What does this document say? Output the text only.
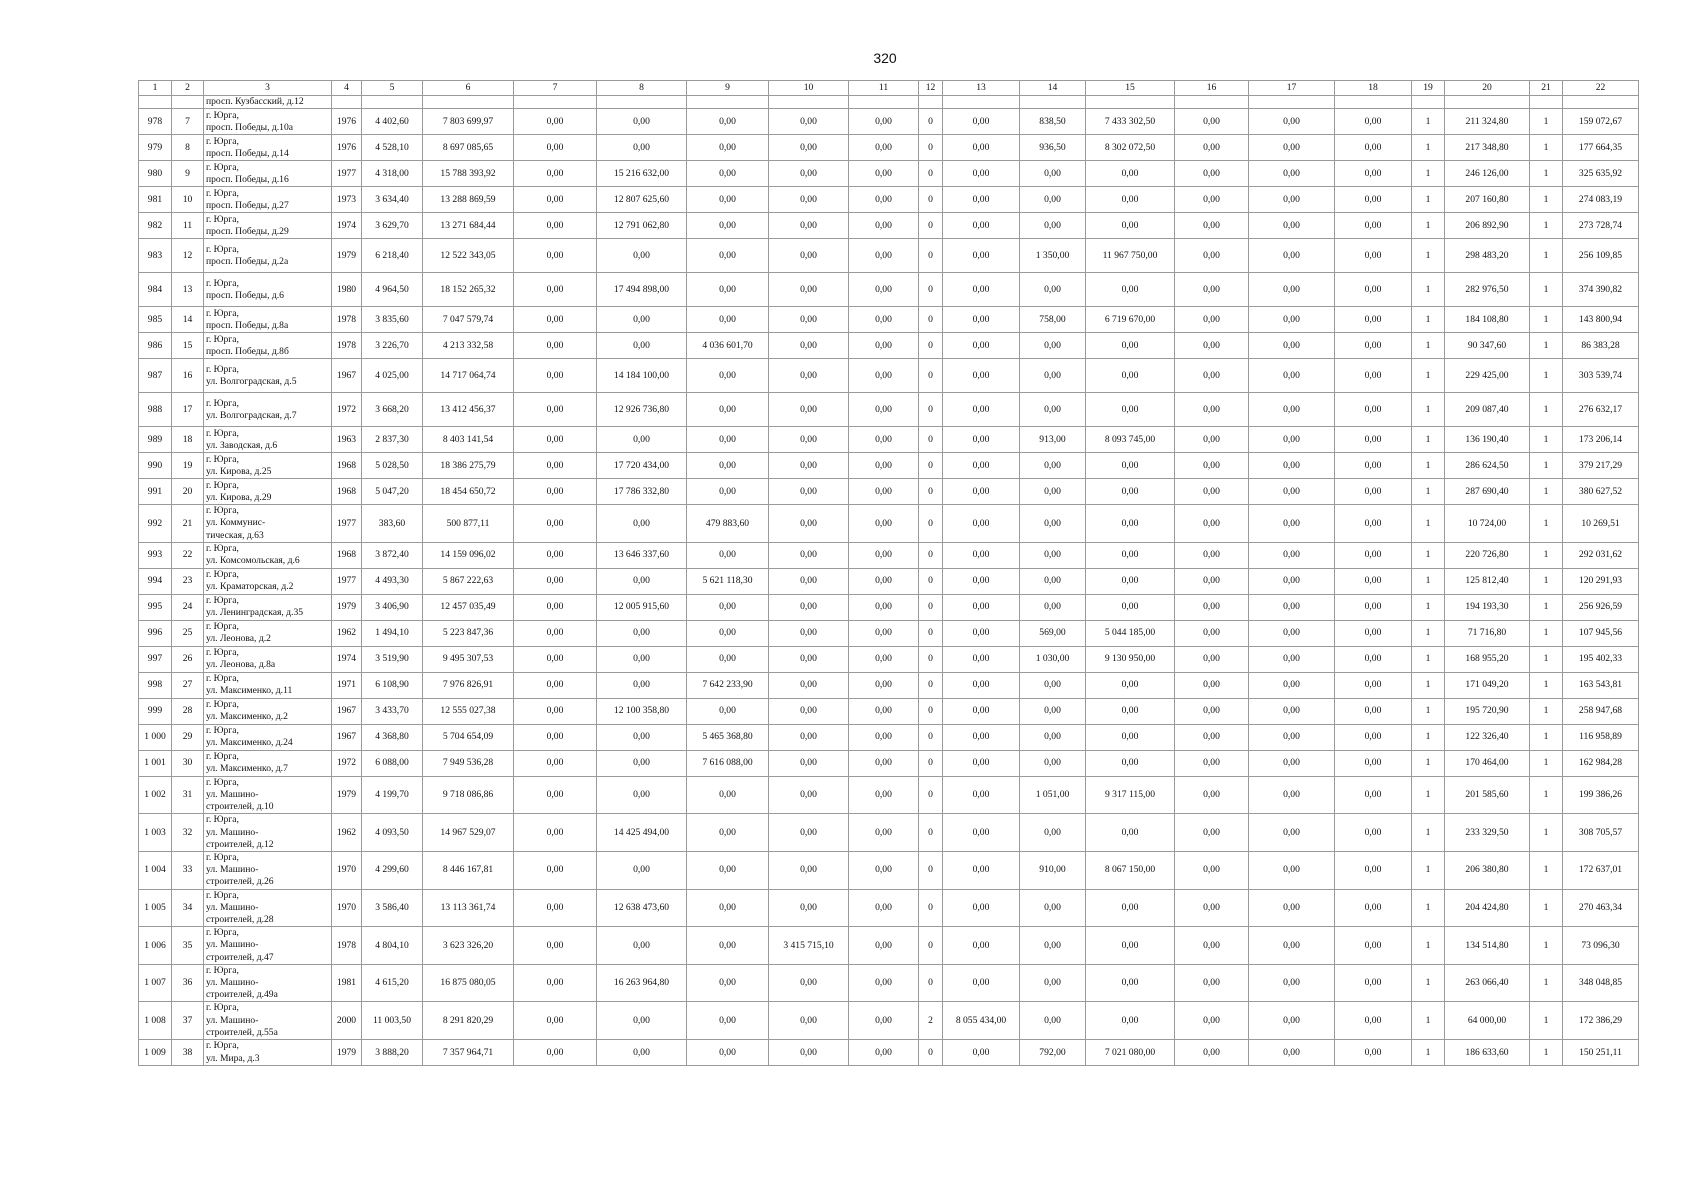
320
1	2	3	4	5	6	7	8	9	10	11	12	13	14	15	16	17	18	19	20	21	22
		просп. Кузбасский, д.12																			
978	7	г. Юрга,
просп. Победы, д.10а	1976	4 402,60	7 803 699,97	0,00	0,00	0,00	0,00	0,00	0	0,00	838,50	7 433 302,50	0,00	0,00	0,00	1	211 324,80	1	159 072,67
979	8	г. Юрга,
просп. Победы, д.14	1976	4 528,10	8 697 085,65	0,00	0,00	0,00	0,00	0,00	0	0,00	936,50	8 302 072,50	0,00	0,00	0,00	1	217 348,80	1	177 664,35
980	9	г. Юрга,
просп. Победы, д.16	1977	4 318,00	15 788 393,92	0,00	15 216 632,00	0,00	0,00	0,00	0	0,00	0,00	0,00	0,00	0,00	0,00	1	246 126,00	1	325 635,92
981	10	г. Юрга,
просп. Победы, д.27	1973	3 634,40	13 288 869,59	0,00	12 807 625,60	0,00	0,00	0,00	0	0,00	0,00	0,00	0,00	0,00	0,00	1	207 160,80	1	274 083,19
982	11	г. Юрга,
просп. Победы, д.29	1974	3 629,70	13 271 684,44	0,00	12 791 062,80	0,00	0,00	0,00	0	0,00	0,00	0,00	0,00	0,00	0,00	1	206 892,90	1	273 728,74
983	12	г. Юрга,
просп. Победы, д.2а	1979	6 218,40	12 522 343,05	0,00	0,00	0,00	0,00	0,00	0	0,00	1 350,00	11 967 750,00	0,00	0,00	0,00	1	298 483,20	1	256 109,85
984	13	г. Юрга,
просп. Победы, д.6	1980	4 964,50	18 152 265,32	0,00	17 494 898,00	0,00	0,00	0,00	0	0,00	0,00	0,00	0,00	0,00	0,00	1	282 976,50	1	374 390,82
985	14	г. Юрга,
просп. Победы, д.8а	1978	3 835,60	7 047 579,74	0,00	0,00	0,00	0,00	0,00	0	0,00	758,00	6 719 670,00	0,00	0,00	0,00	1	184 108,80	1	143 800,94
986	15	г. Юрга,
просп. Победы, д.8б	1978	3 226,70	4 213 332,58	0,00	0,00	4 036 601,70	0,00	0,00	0	0,00	0,00	0,00	0,00	0,00	0,00	1	90 347,60	1	86 383,28
987	16	г. Юрга,
ул. Волгоградская, д.5	1967	4 025,00	14 717 064,74	0,00	14 184 100,00	0,00	0,00	0,00	0	0,00	0,00	0,00	0,00	0,00	0,00	1	229 425,00	1	303 539,74
988	17	г. Юрга,
ул. Волгоградская, д.7	1972	3 668,20	13 412 456,37	0,00	12 926 736,80	0,00	0,00	0,00	0	0,00	0,00	0,00	0,00	0,00	0,00	1	209 087,40	1	276 632,17
989	18	г. Юрга,
ул. Заводская, д.6	1963	2 837,30	8 403 141,54	0,00	0,00	0,00	0,00	0,00	0	0,00	913,00	8 093 745,00	0,00	0,00	0,00	1	136 190,40	1	173 206,14
990	19	г. Юрга,
ул. Кирова, д.25	1968	5 028,50	18 386 275,79	0,00	17 720 434,00	0,00	0,00	0,00	0	0,00	0,00	0,00	0,00	0,00	0,00	1	286 624,50	1	379 217,29
991	20	г. Юрга,
ул. Кирова, д.29	1968	5 047,20	18 454 650,72	0,00	17 786 332,80	0,00	0,00	0,00	0	0,00	0,00	0,00	0,00	0,00	0,00	1	287 690,40	1	380 627,52
992	21	г. Юрга,
ул. Коммунис-
тическая, д.63	1977	383,60	500 877,11	0,00	0,00	479 883,60	0,00	0,00	0	0,00	0,00	0,00	0,00	0,00	0,00	1	10 724,00	1	10 269,51
993	22	г. Юрга,
ул. Комсомольская, д.6	1968	3 872,40	14 159 096,02	0,00	13 646 337,60	0,00	0,00	0,00	0	0,00	0,00	0,00	0,00	0,00	0,00	1	220 726,80	1	292 031,62
994	23	г. Юрга,
ул. Краматорская, д.2	1977	4 493,30	5 867 222,63	0,00	0,00	5 621 118,30	0,00	0,00	0	0,00	0,00	0,00	0,00	0,00	0,00	1	125 812,40	1	120 291,93
995	24	г. Юрга,
ул. Ленинградская, д.35	1979	3 406,90	12 457 035,49	0,00	12 005 915,60	0,00	0,00	0,00	0	0,00	0,00	0,00	0,00	0,00	0,00	1	194 193,30	1	256 926,59
996	25	г. Юрга,
ул. Леонова, д.2	1962	1 494,10	5 223 847,36	0,00	0,00	0,00	0,00	0,00	0	0,00	569,00	5 044 185,00	0,00	0,00	0,00	1	71 716,80	1	107 945,56
997	26	г. Юрга,
ул. Леонова, д.8а	1974	3 519,90	9 495 307,53	0,00	0,00	0,00	0,00	0,00	0	0,00	1 030,00	9 130 950,00	0,00	0,00	0,00	1	168 955,20	1	195 402,33
998	27	г. Юрга,
ул. Максименко, д.11	1971	6 108,90	7 976 826,91	0,00	0,00	7 642 233,90	0,00	0,00	0	0,00	0,00	0,00	0,00	0,00	0,00	1	171 049,20	1	163 543,81
999	28	г. Юрга,
ул. Максименко, д.2	1967	3 433,70	12 555 027,38	0,00	12 100 358,80	0,00	0,00	0,00	0	0,00	0,00	0,00	0,00	0,00	0,00	1	195 720,90	1	258 947,68
1 000	29	г. Юрга,
ул. Максименко, д.24	1967	4 368,80	5 704 654,09	0,00	0,00	5 465 368,80	0,00	0,00	0	0,00	0,00	0,00	0,00	0,00	0,00	1	122 326,40	1	116 958,89
1 001	30	г. Юрга,
ул. Максименко, д.7	1972	6 088,00	7 949 536,28	0,00	0,00	7 616 088,00	0,00	0,00	0	0,00	0,00	0,00	0,00	0,00	0,00	1	170 464,00	1	162 984,28
1 002	31	г. Юрга,
ул. Машино-
строителей, д.10	1979	4 199,70	9 718 086,86	0,00	0,00	0,00	0,00	0,00	0	0,00	1 051,00	9 317 115,00	0,00	0,00	0,00	1	201 585,60	1	199 386,26
1 003	32	г. Юрга,
ул. Машино-
строителей, д.12	1962	4 093,50	14 967 529,07	0,00	14 425 494,00	0,00	0,00	0,00	0	0,00	0,00	0,00	0,00	0,00	0,00	1	233 329,50	1	308 705,57
1 004	33	г. Юрга,
ул. Машино-
строителей, д.26	1970	4 299,60	8 446 167,81	0,00	0,00	0,00	0,00	0,00	0	0,00	910,00	8 067 150,00	0,00	0,00	0,00	1	206 380,80	1	172 637,01
1 005	34	г. Юрга,
ул. Машино-
строителей, д.28	1970	3 586,40	13 113 361,74	0,00	12 638 473,60	0,00	0,00	0,00	0	0,00	0,00	0,00	0,00	0,00	0,00	1	204 424,80	1	270 463,34
1 006	35	г. Юрга,
ул. Машино-
строителей, д.47	1978	4 804,10	3 623 326,20	0,00	0,00	0,00	3 415 715,10	0,00	0	0,00	0,00	0,00	0,00	0,00	0,00	1	134 514,80	1	73 096,30
1 007	36	г. Юрга,
ул. Машино-
строителей, д.49а	1981	4 615,20	16 875 080,05	0,00	16 263 964,80	0,00	0,00	0,00	0	0,00	0,00	0,00	0,00	0,00	0,00	1	263 066,40	1	348 048,85
1 008	37	г. Юрга,
ул. Машино-
строителей, д.55а	2000	11 003,50	8 291 820,29	0,00	0,00	0,00	0,00	0,00	2	8 055 434,00	0,00	0,00	0,00	0,00	0,00	1	64 000,00	1	172 386,29
1 009	38	г. Юрга,
ул. Мира, д.3	1979	3 888,20	7 357 964,71	0,00	0,00	0,00	0,00	0,00	0	0,00	792,00	7 021 080,00	0,00	0,00	0,00	1	186 633,60	1	150 251,11
